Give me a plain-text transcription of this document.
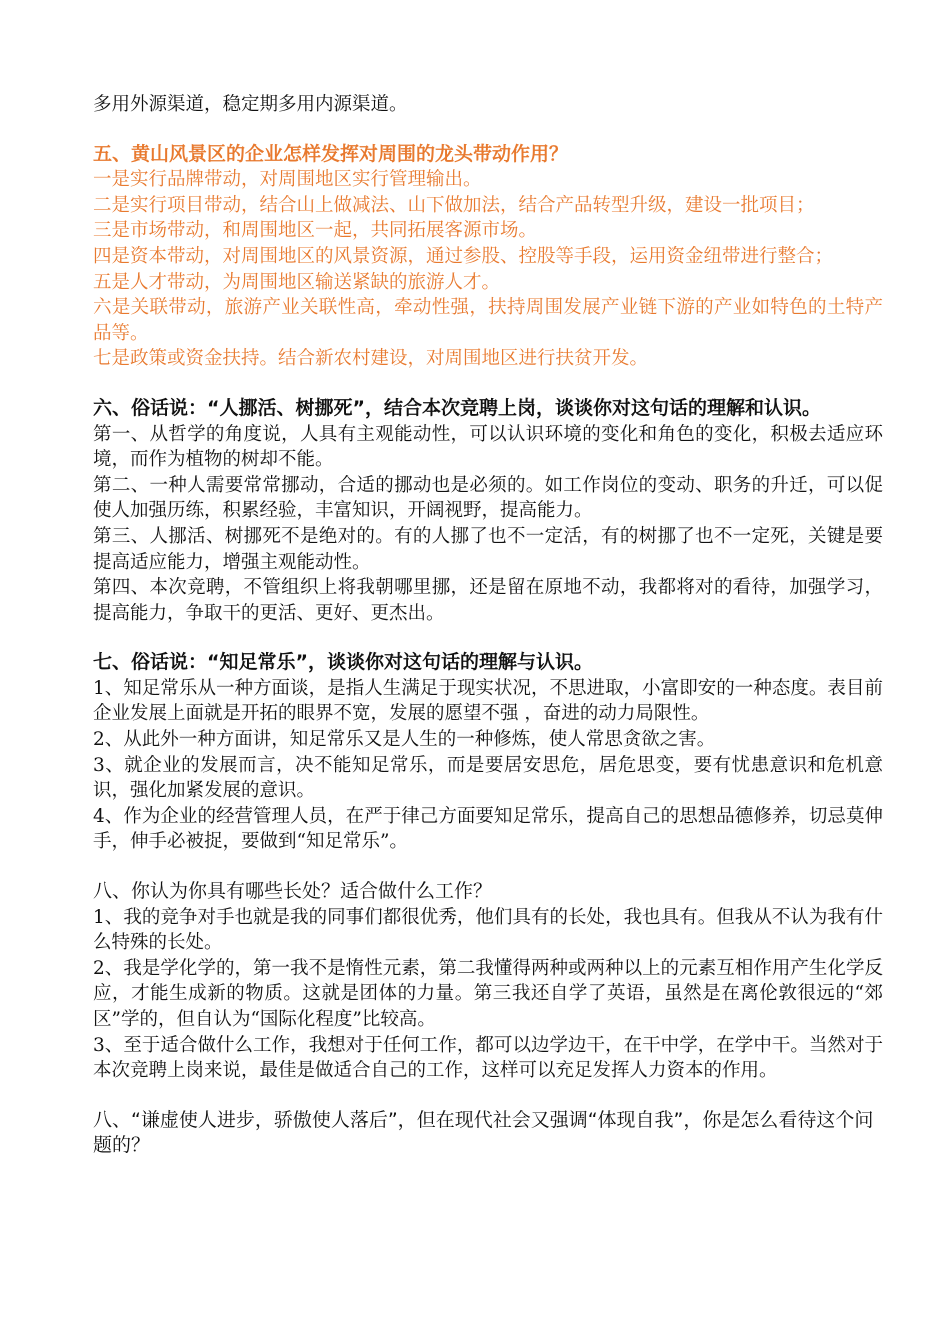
多用外源渠道，稳定期多用内源渠道。

五、黄山风景区的企业怎样发挥对周围的龙头带动作用？

一是实行品牌带动，对周围地区实行管理输出。

二是实行项目带动，结合山上做减法、山下做加法，结合产品转型升级，建设一批项目；

三是市场带动，和周围地区一起，共同拓展客源市场。

四是资本带动，对周围地区的风景资源，通过参股、控股等手段，运用资金纽带进行整合；

五是人才带动，为周围地区输送紧缺的旅游人才。

六是关联带动，旅游产业关联性高，牵动性强，扶持周围发展产业链下游的产业如特色的土特产品等。

七是政策或资金扶持。结合新农村建设，对周围地区进行扶贫开发。

六、俗话说：“人挪活、树挪死”，结合本次竞聘上岗，谈谈你对这句话的理解和认识。

第一、从哲学的角度说，人具有主观能动性，可以认识环境的变化和角色的变化，积极去适应环境，而作为植物的树却不能。

第二、一种人需要常常挪动，合适的挪动也是必须的。如工作岗位的变动、职务的升迁，可以促使人加强历练，积累经验，丰富知识，开阔视野，提高能力。

第三、人挪活、树挪死不是绝对的。有的人挪了也不一定活，有的树挪了也不一定死，关键是要提高适应能力，增强主观能动性。

第四、本次竞聘，不管组织上将我朝哪里挪，还是留在原地不动，我都将对的看待，加强学习，提高能力，争取干的更活、更好、更杰出。

七、俗话说：“知足常乐”，谈谈你对这句话的理解与认识。

1、知足常乐从一种方面谈，是指人生满足于现实状况，不思进取，小富即安的一种态度。表目前企业发展上面就是开拓的眼界不宽，发展的愿望不强 ，奋进的动力局限性。

2、从此外一种方面讲，知足常乐又是人生的一种修炼，使人常思贪欲之害。

3、就企业的发展而言，决不能知足常乐，而是要居安思危，居危思变，要有忧患意识和危机意识，强化加紧发展的意识。

4、作为企业的经营管理人员，在严于律己方面要知足常乐，提高自己的思想品德修养，切忌莫伸手，伸手必被捉，要做到“知足常乐”。

八、你认为你具有哪些长处？适合做什么工作？

1、我的竞争对手也就是我的同事们都很优秀，他们具有的长处，我也具有。但我从不认为我有什么特殊的长处。

2、我是学化学的，第一我不是惰性元素，第二我懂得两种或两种以上的元素互相作用产生化学反应，才能生成新的物质。这就是团体的力量。第三我还自学了英语，虽然是在离伦敦很远的“郊区”学的，但自认为“国际化程度”比较高。

3、至于适合做什么工作，我想对于任何工作，都可以边学边干，在干中学，在学中干。当然对于本次竞聘上岗来说，最佳是做适合自己的工作，这样可以充足发挥人力资本的作用。

八、“谦虚使人进步，骄傲使人落后”，但在现代社会又强调“体现自我”，你是怎么看待这个问题的？
